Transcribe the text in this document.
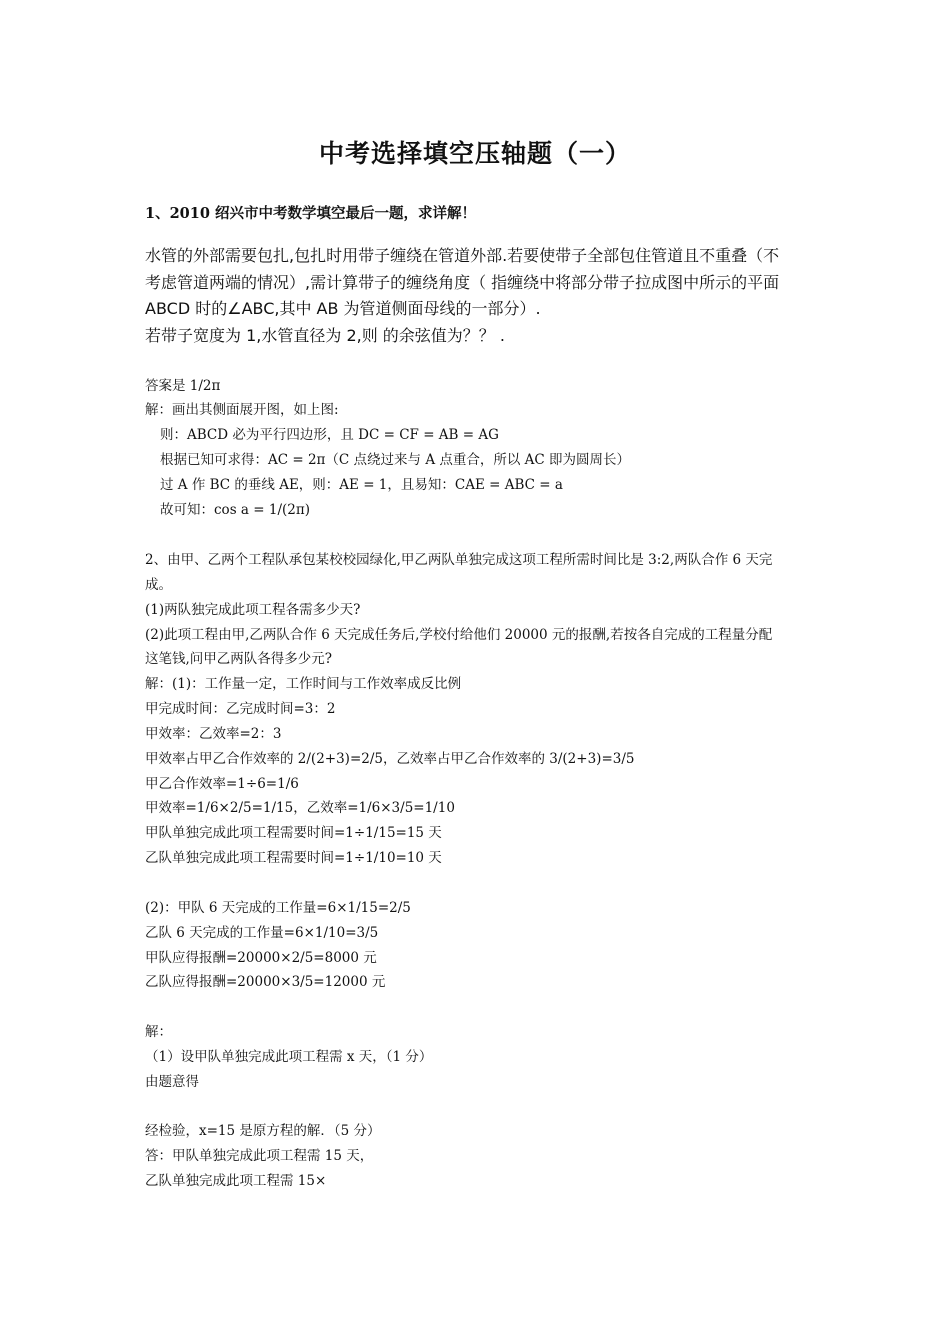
中考选择填空压轴题（一）
1、2010 绍兴市中考数学填空最后一题，求详解！
水管的外部需要包扎,包扎时用带子缠绕在管道外部.若要使带子全部包住管道且不重叠（不
考虑管道两端的情况）,需计算带子的缠绕角度（ 指缠绕中将部分带子拉成图中所示的平面
ABCD 时的∠ABC,其中 AB 为管道侧面母线的一部分）.
若带子宽度为 1,水管直径为 2,则 的余弦值为？？ .
答案是 1/2π
解：画出其侧面展开图，如上图:
则：ABCD 必为平行四边形，且 DC = CF = AB = AG
根据已知可求得：AC = 2π（C 点绕过来与 A 点重合，所以 AC 即为圆周长）
过 A 作 BC 的垂线 AE，则：AE = 1，且易知：CAE = ABC = a
故可知：cos a = 1/(2π)
2、由甲、乙两个工程队承包某校校园绿化,甲乙两队单独完成这项工程所需时间比是 3:2,两队合作 6 天完
成。
(1)两队独完成此项工程各需多少天?
(2)此项工程由甲,乙两队合作 6 天完成任务后,学校付给他们 20000 元的报酬,若按各自完成的工程量分配
这笔钱,问甲乙两队各得多少元?
解：(1)：工作量一定，工作时间与工作效率成反比例
甲完成时间：乙完成时间=3：2
甲效率：乙效率=2：3
甲效率占甲乙合作效率的 2/(2+3)=2/5，乙效率占甲乙合作效率的 3/(2+3)=3/5
甲乙合作效率=1÷6=1/6
甲效率=1/6×2/5=1/15，乙效率=1/6×3/5=1/10
甲队单独完成此项工程需要时间=1÷1/15=15 天
乙队单独完成此项工程需要时间=1÷1/10=10 天
(2)：甲队 6 天完成的工作量=6×1/15=2/5
乙队 6 天完成的工作量=6×1/10=3/5
甲队应得报酬=20000×2/5=8000 元
乙队应得报酬=20000×3/5=12000 元
解：
（1）设甲队单独完成此项工程需 x 天，（1 分）
由题意得
经检验，x=15 是原方程的解．（5 分）
答：甲队单独完成此项工程需 15 天，
乙队单独完成此项工程需 15×
